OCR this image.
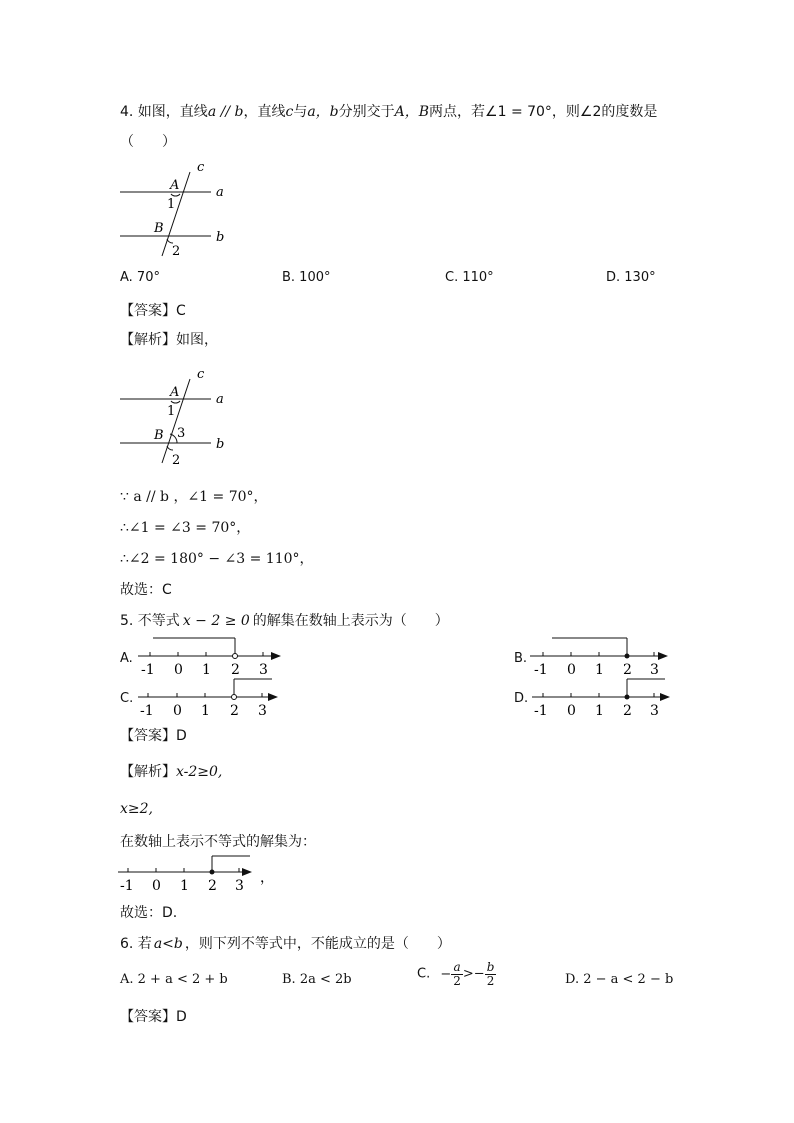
4. 如图，直线a // b，直线c与a，b分别交于A，B两点，若∠1 = 70°，则∠2的度数是
（　　）
c
A	a
1
B
b
2
A. 70°	B. 100°	C. 110°	D. 130°
【答案】C
【解析】如图，
c
A	a
1
B 3
b
2
∵ a // b ，∠1 = 70°，
∴∠1 = ∠3 = 70°，
∴∠2 = 180° − ∠3 = 110°，
故选：C
5. 不等式 x − 2 ≥ 0 的解集在数轴上表示为（　　）
A.
-1 0 1 2 3
B.
-1 0 1 2 3
C.
-1 0 1 2 3
D.
-1 0 1 2 3
【答案】D
【解析】x-2≥0,
x≥2,
在数轴上表示不等式的解集为：
-1 0 1 2 3 ，
故选：D.
6. 若 a<b ，则下列不等式中，不能成立的是（　　）
A. 2 + a < 2 + b	B. 2a < 2b	C. − $\frac{a}{2} >- \frac{b}{2}$	D. 2 − a < 2 − b
【答案】D
